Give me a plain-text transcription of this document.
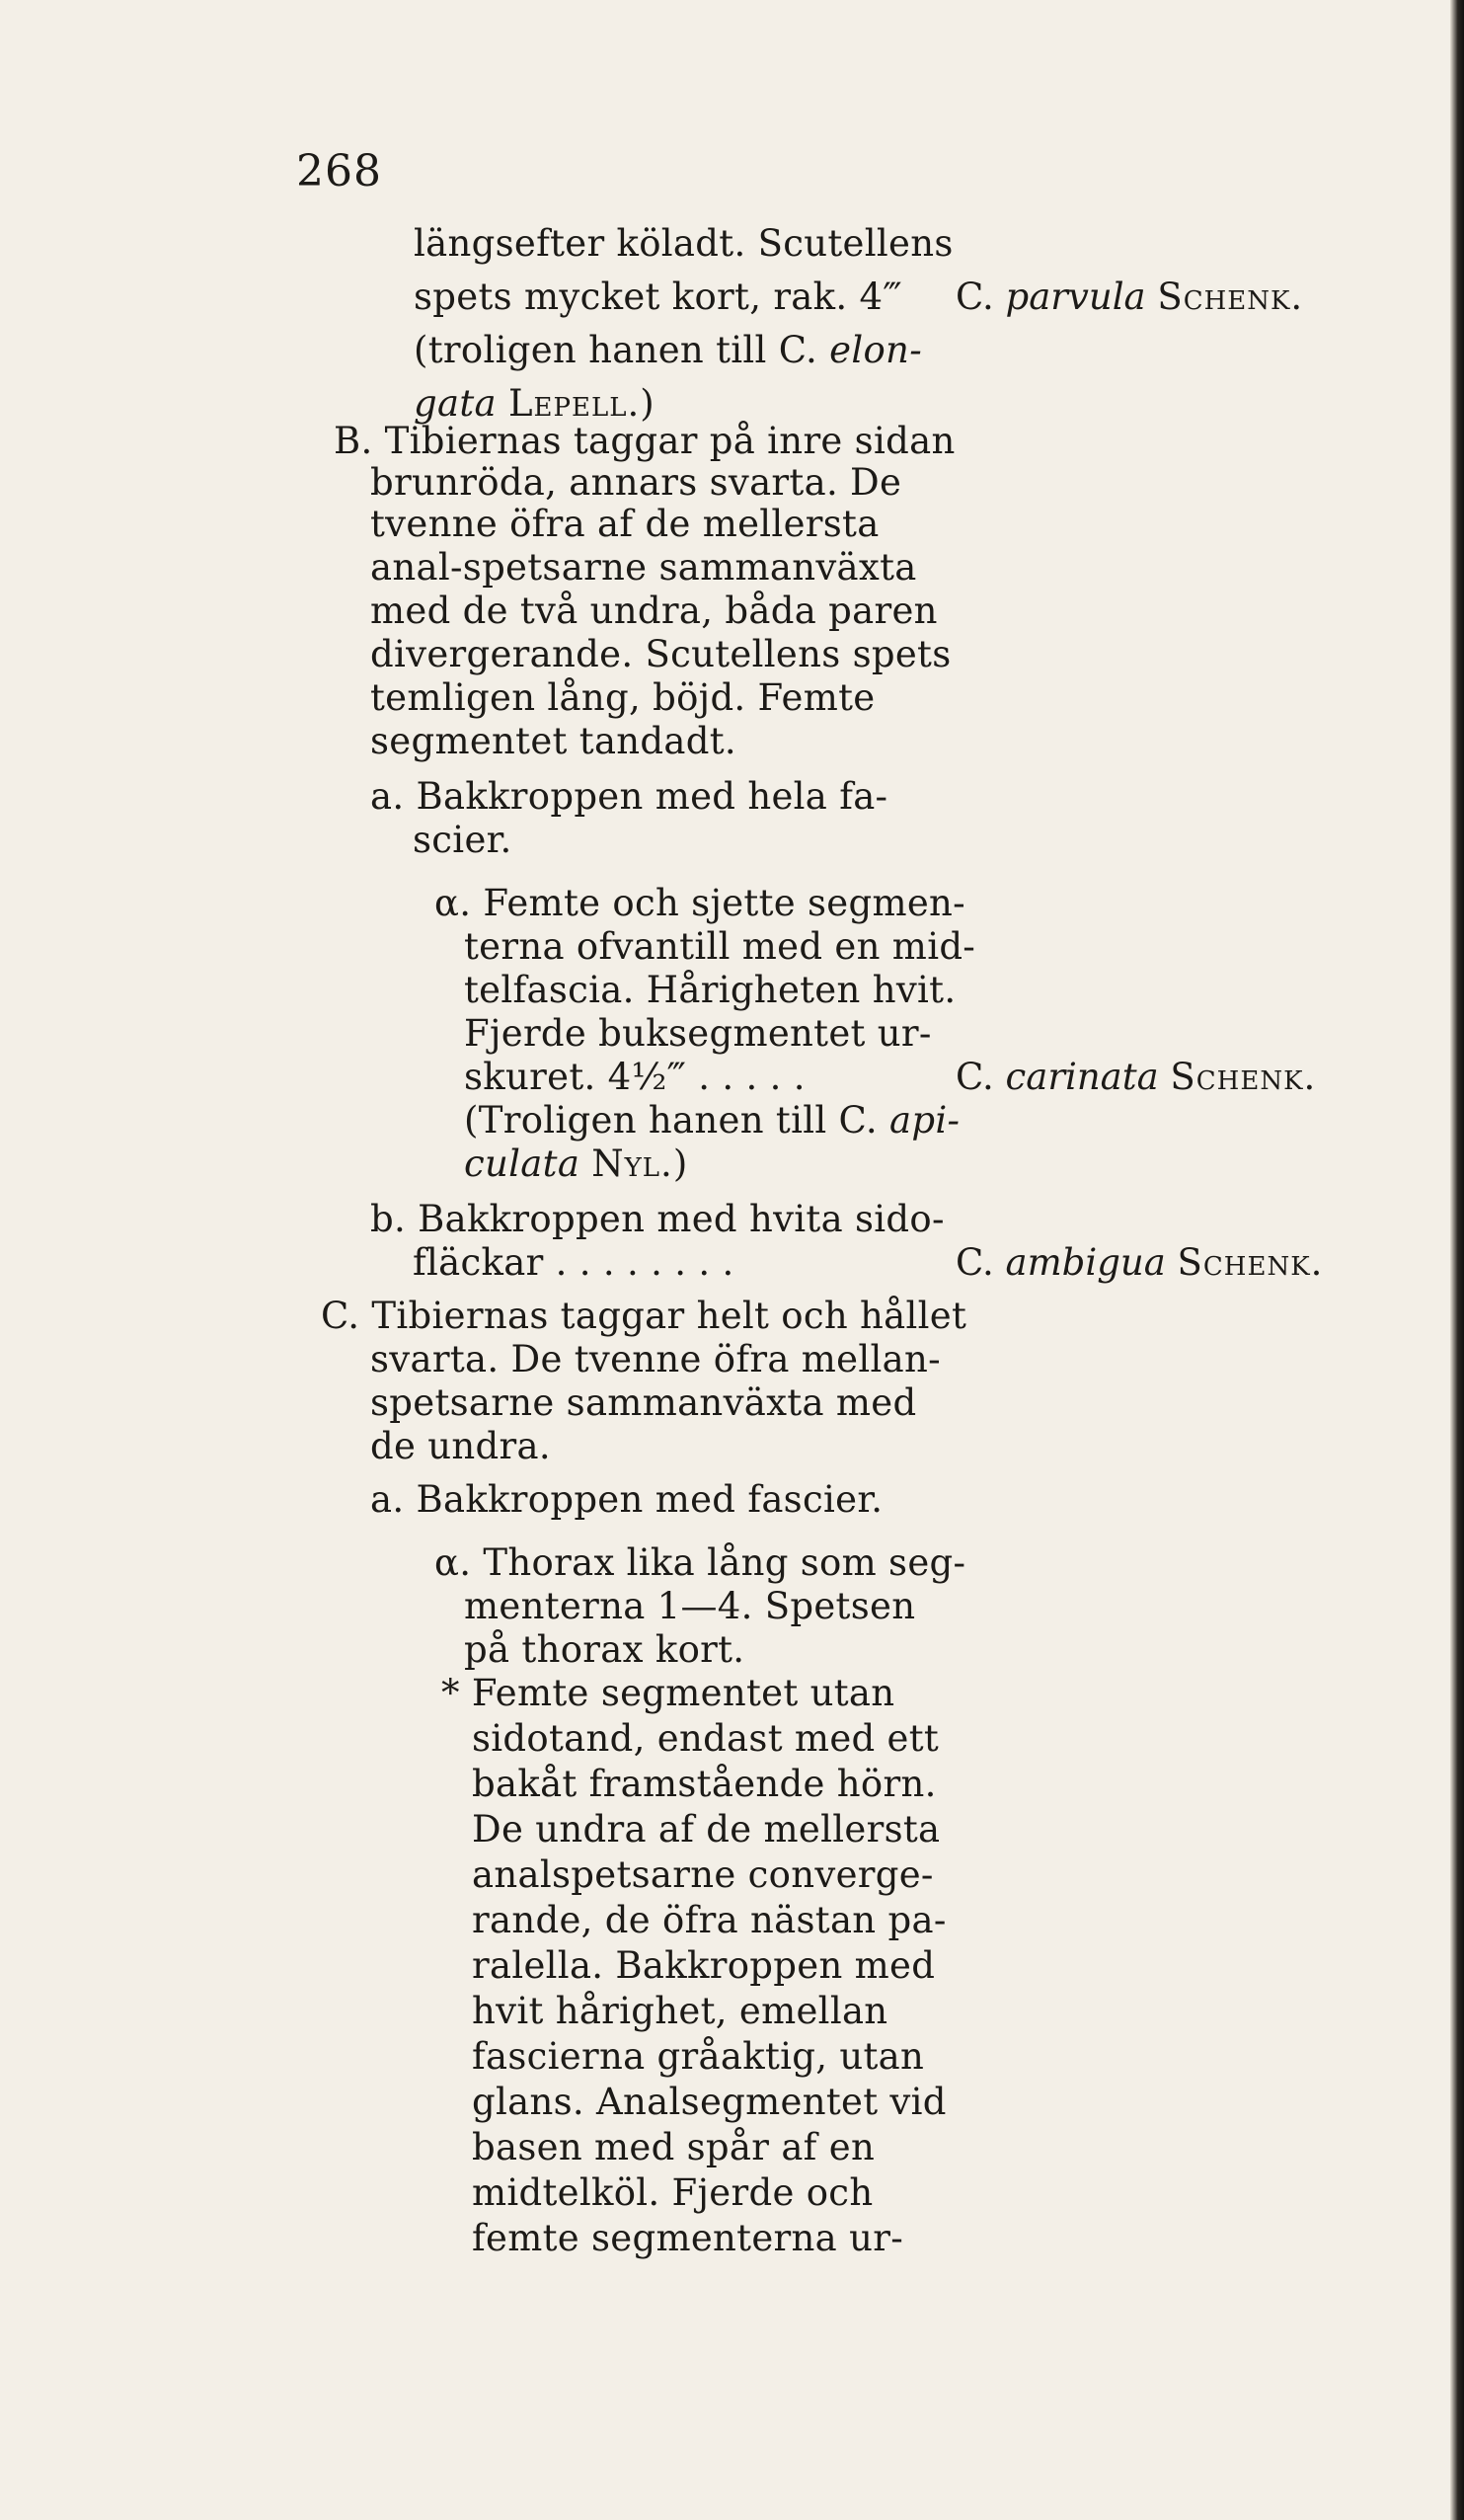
268
längsefter köladt. Scutellens
spets mycket kort, rak. 4‴
(troligen hanen till C. elon-
gata Lepell.)
B. Tibiernas taggar på inre sidan
brunröda, annars svarta. De
tvenne öfra af de mellersta
anal-spetsarne sammanväxta
med de två undra, båda paren
divergerande. Scutellens spets
temligen lång, böjd. Femte
segmentet tandadt.
a. Bakkroppen med hela fa-
scier.
α. Femte och sjette segmen-
terna ofvantill med en mid-
telfascia. Hårigheten hvit.
Fjerde buksegmentet ur-
skuret. 4½‴ . . . . .
(Troligen hanen till C. api-
culata Nyl.)
b. Bakkroppen med hvita sido-
fläckar . . . . . . . .
C. Tibiernas taggar helt och hållet
svarta. De tvenne öfra mellan-
spetsarne sammanväxta med
de undra.
a. Bakkroppen med fascier.
α. Thorax lika lång som seg-
menterna 1—4. Spetsen
på thorax kort.
* Femte segmentet utan
sidotand, endast med ett
bakåt framstående hörn.
De undra af de mellersta
analspetsarne converge-
rande, de öfra nästan pa-
ralella. Bakkroppen med
hvit hårighet, emellan
fascierna gråaktig, utan
glans. Analsegmentet vid
basen med spår af en
midtelköl. Fjerde och
femte segmenterna ur-
C. parvula Schenk.
C. carinata Schenk.
C. ambigua Schenk.
